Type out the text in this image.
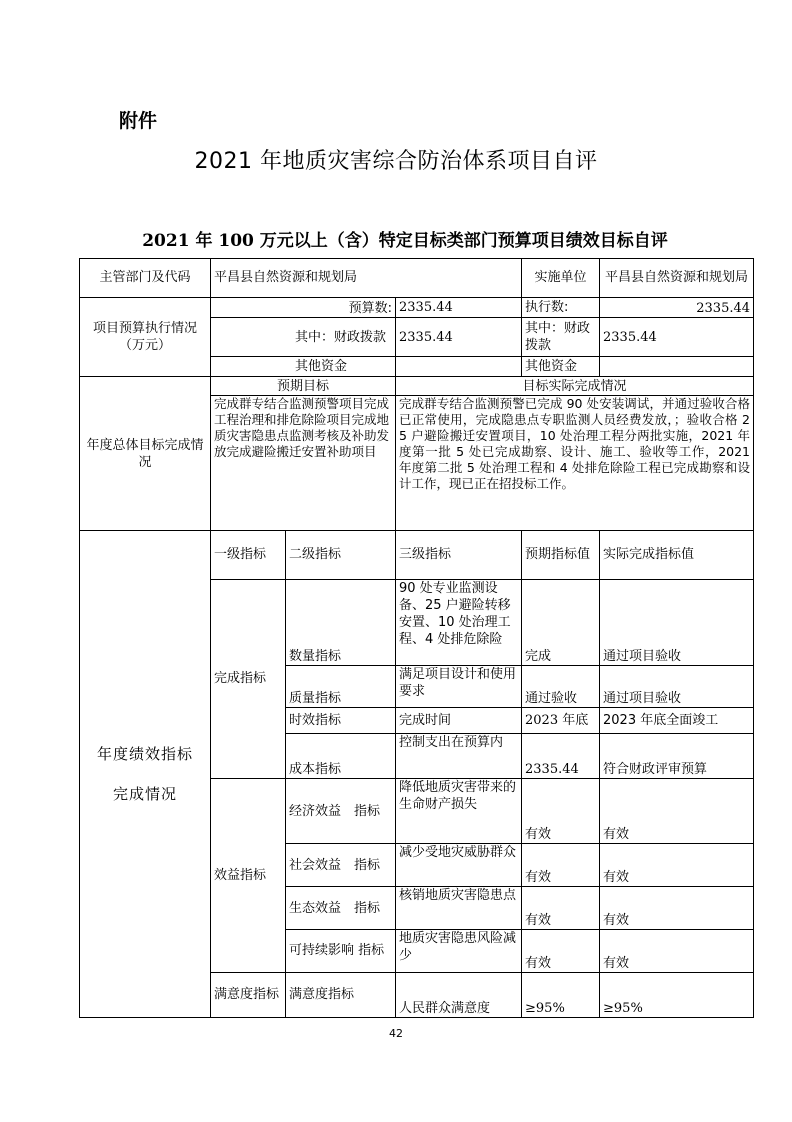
附件
2021 年地质灾害综合防治体系项目自评
2021 年 100 万元以上（含）特定目标类部门预算项目绩效目标自评
主管部门及代码	平昌县自然资源和规划局			实施单位	平昌县自然资源和规划局
项目预算执行情况（万元）	预算数:		2335.44	执行数:	2335.44
	其中：财政拨款		2335.44	其中：财政拨款	2335.44
	其他资金			其他资金	
年度总体目标完成情况	预期目标		目标实际完成情况		
	完成群专结合监测预警项目完成工程治理和排危除险项目完成地质灾害隐患点监测考核及补助发放完成避险搬迁安置补助项目		完成群专结合监测预警已完成 90 处安装调试，并通过验收合格已正常使用，完成隐患点专职监测人员经费发放，；验收合格 25 户避险搬迁安置项目，10 处治理工程分两批实施，2021 年度第一批 5 处已完成勘察、设计、施工、验收等工作，2021 年度第二批 5 处治理工程和 4 处排危除险工程已完成勘察和设计工作，现已正在招投标工作。		
年度绩效指标
完成情况	一级指标	二级指标	三级指标	预期指标值	实际完成指标值
	完成指标	数量指标	90 处专业监测设备、25 户避险转移安置、10 处治理工程、4 处排危除险	完成	通过项目验收
		质量指标	满足项目设计和使用要求	通过验收	通过项目验收
		时效指标	完成时间	2023 年底	2023 年底全面竣工
		成本指标	控制支出在预算内	2335.44	符合财政评审预算
	效益指标	经济效益　指标	降低地质灾害带来的生命财产损失	有效	有效
		社会效益　指标	减少受地灾威胁群众	有效	有效
		生态效益　指标	核销地质灾害隐患点	有效	有效
		可持续影响 指标	地质灾害隐患风险减少	有效	有效
	满意度指标	满意度指标	人民群众满意度	≥95%	≥95%
42
